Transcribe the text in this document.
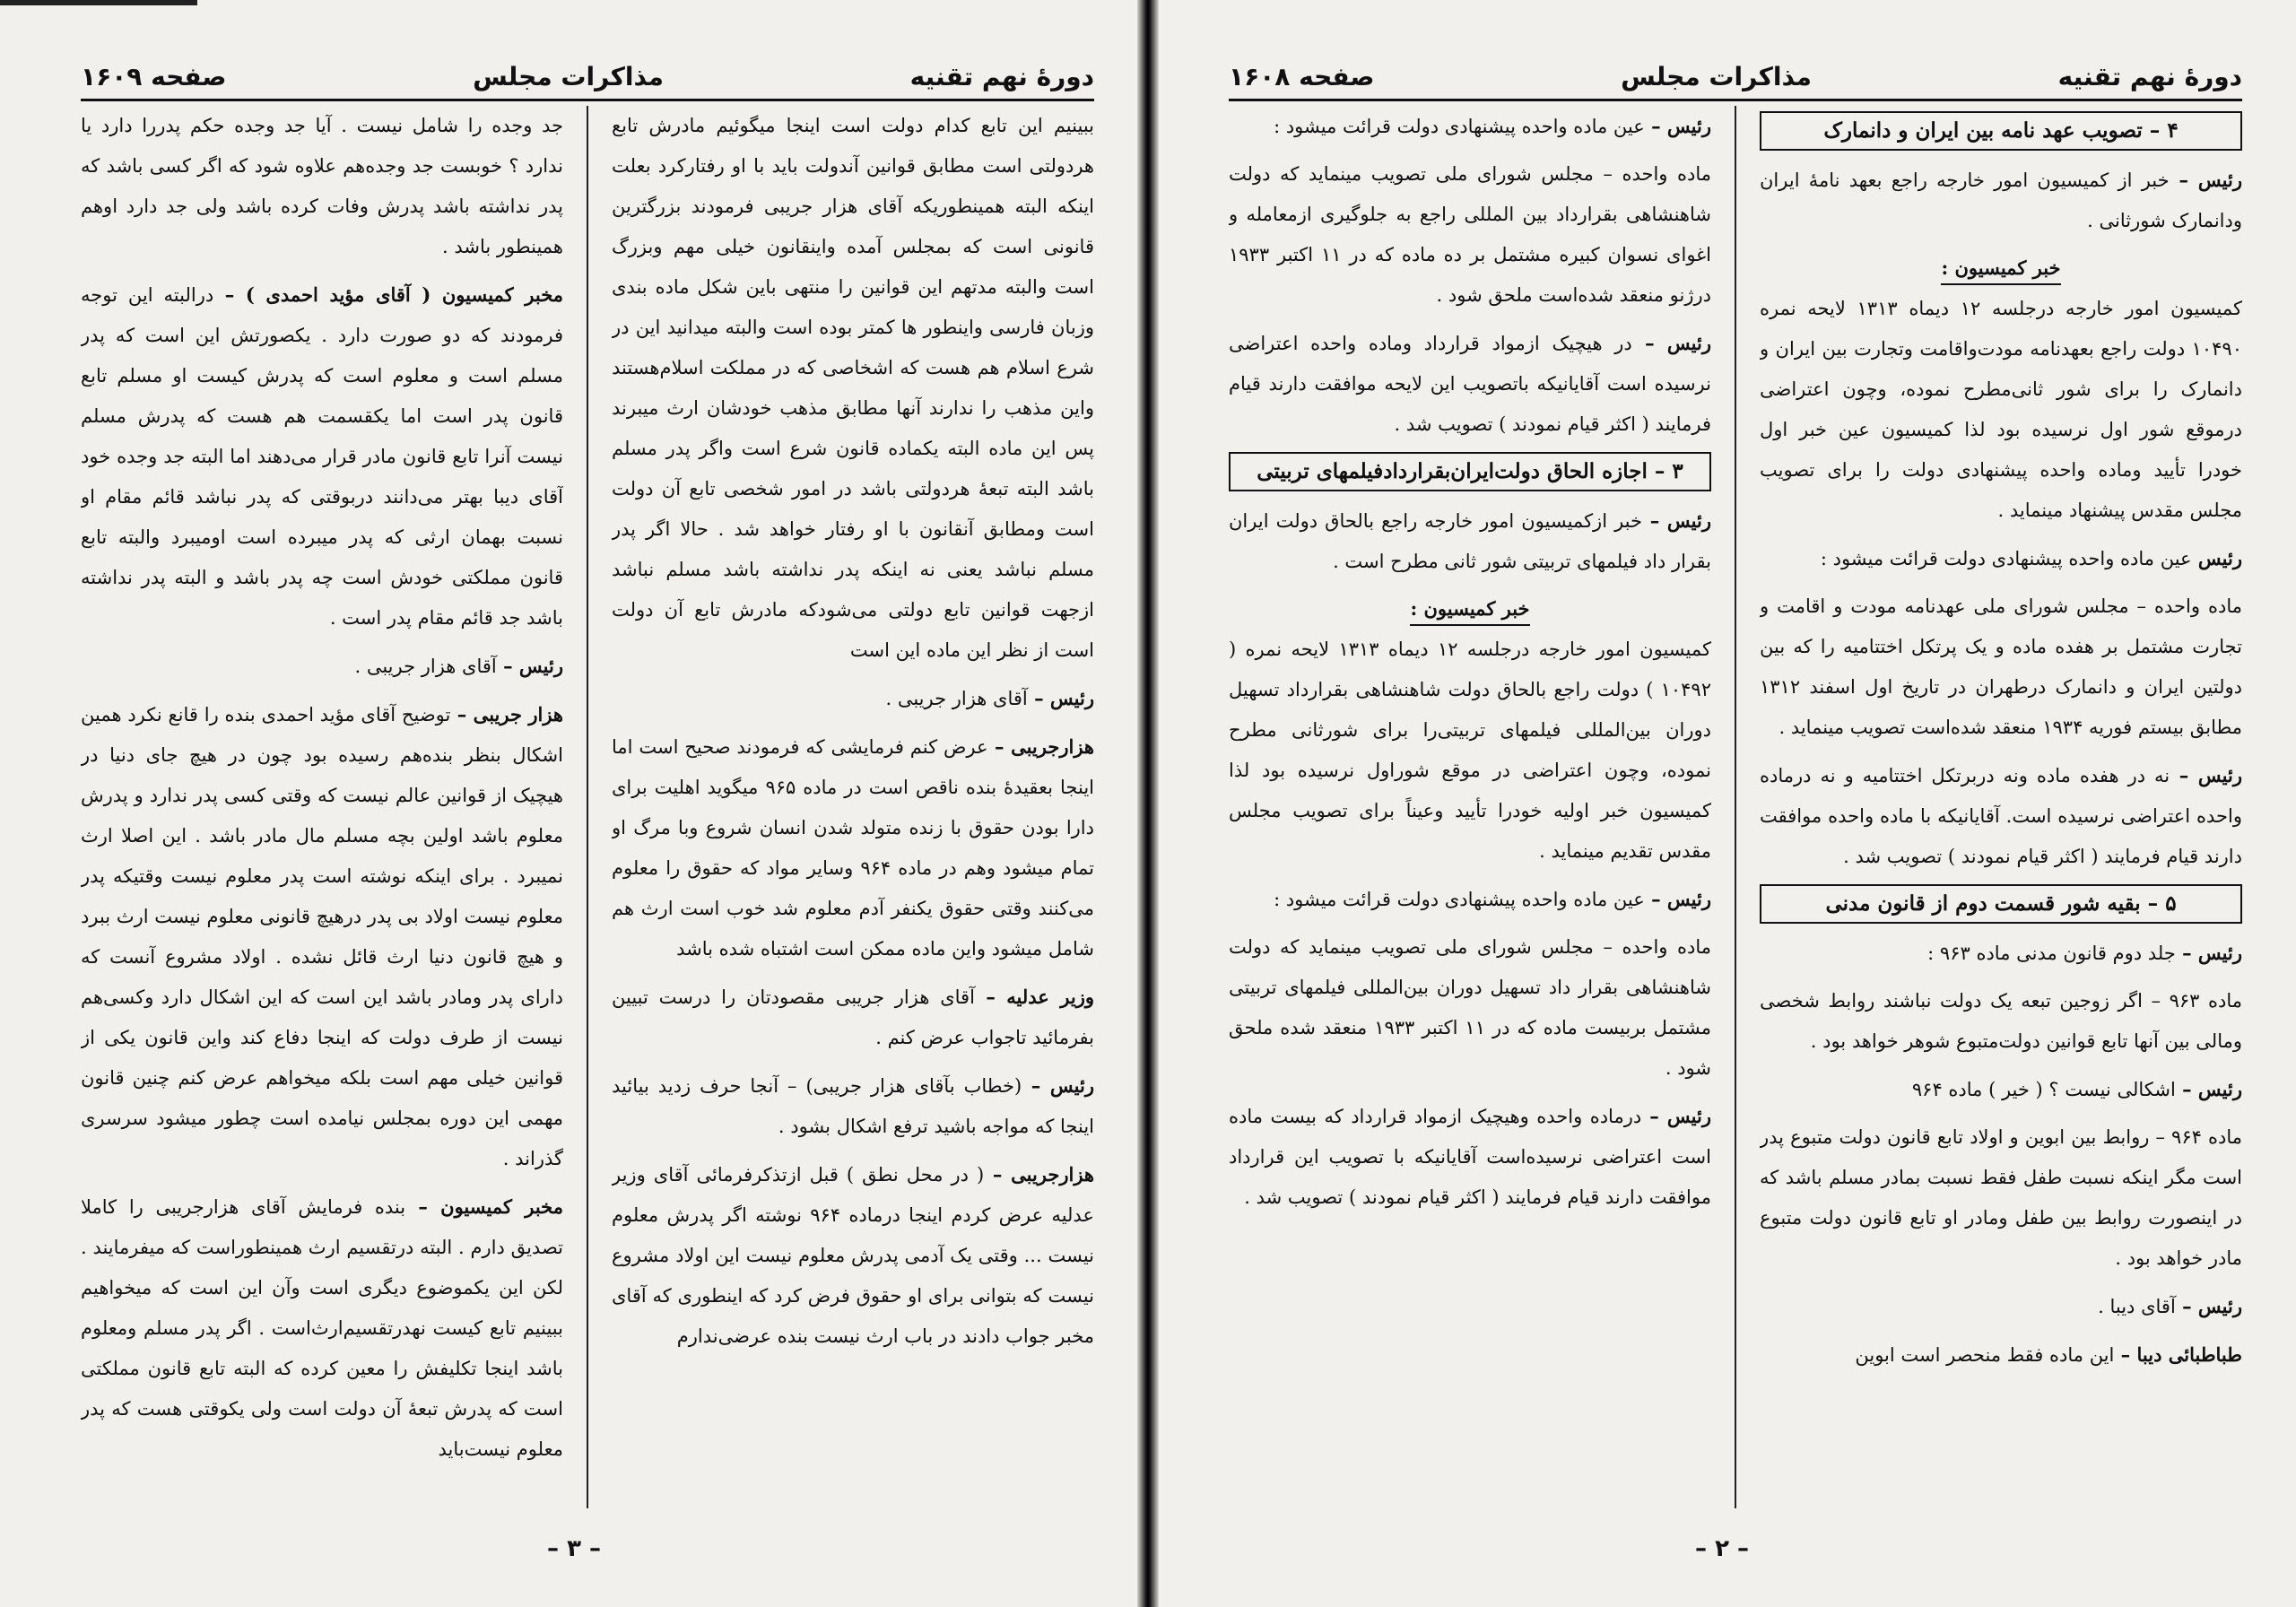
دورهٔ نهم تقنیه
مذاکرات مجلس
صفحه ۱۶۰۹

جد وجده را شامل نیست . آیا جد وجده حکم پدررا دارد یا ندارد ؟ خوبست جد وجده‌هم علاوه شود که اگر کسی باشد که پدر نداشته باشد پدرش وفات کرده باشد ولی جد دارد اوهم همینطور باشد .

مخبر کمیسیون ( آقای مؤید احمدی ) – درالبته این توجه فرمودند که دو صورت دارد . یکصورتش این است که پدر مسلم است و معلوم است که پدرش کیست او مسلم تابع قانون پدر است اما یکقسمت هم هست که پدرش مسلم نیست آنرا تابع قانون مادر قرار می‌دهند اما البته جد وجده خود آقای دیبا بهتر می‌دانند دربوقتی که پدر نباشد قائم مقام او نسبت بهمان ارثی که پدر میبرده است اومیبرد والبته تابع قانون مملکتی خودش است چه پدر باشد و البته پدر نداشته باشد جد قائم مقام پدر است .

رئیس – آقای هزار جریبی .

هزار جریبی – توضیح آقای مؤید احمدی بنده را قانع نکرد همین اشکال بنظر بنده‌هم رسیده بود چون در هیچ جای دنیا در هیچیک از قوانین عالم نیست که وقتی کسی پدر ندارد و پدرش معلوم باشد اولین بچه مسلم مال مادر باشد . این اصلا ارث نمیبرد . برای اینکه نوشته است پدر معلوم نیست وقتیکه پدر معلوم نیست اولاد بی پدر درهیچ قانونی معلوم نیست ارث ببرد و هیچ قانون دنیا ارث قائل نشده . اولاد مشروع آنست که دارای پدر ومادر باشد این است که این اشکال دارد وکسی‌هم نیست از طرف دولت که اینجا دفاع کند واین قانون یکی از قوانین خیلی مهم است بلکه میخواهم عرض کنم چنین قانون مهمی این دوره بمجلس نیامده است چطور میشود سرسری گذراند .

مخبر کمیسیون – بنده فرمایش آقای هزارجریبی را کاملا تصدیق دارم . البته درتقسیم ارث همینطوراست که میفرمایند . لکن این یکموضوع دیگری است وآن این است که میخواهیم ببینیم تابع کیست نهدرتقسیم‌ارث‌است . اگر پدر مسلم ومعلوم باشد اینجا تکلیفش را معین کرده که البته تابع قانون مملکتی است که پدرش تبعهٔ آن دولت است ولی یکوقتی هست که پدر معلوم نیست‌باید

ببینیم این تابع کدام دولت است اینجا میگوئیم مادرش تابع هردولتی است مطابق قوانین آندولت باید با او رفتارکرد بعلت اینکه البته همینطوریکه آقای هزار جریبی فرمودند بزرگترین قانونی است که بمجلس آمده واینقانون خیلی مهم وبزرگ است والبته مدتهم این قوانین را منتهی باین شکل ماده بندی وزبان فارسی واینطور ها کمتر بوده است والبته میدانید این در شرع اسلام هم هست که اشخاصی که در مملکت اسلام‌هستند واین مذهب را ندارند آنها مطابق مذهب خودشان ارث میبرند پس این ماده البته یکماده قانون شرع است واگر پدر مسلم باشد البته تبعهٔ هردولتی باشد در امور شخصی تابع آن دولت است ومطابق آنقانون با او رفتار خواهد شد . حالا اگر پدر مسلم نباشد یعنی نه اینکه پدر نداشته باشد مسلم نباشد ازجهت قوانین تابع دولتی می‌شودکه مادرش تابع آن دولت است از نظر این ماده این است

رئیس – آقای هزار جریبی .

هزارجریبی – عرض کنم فرمایشی که فرمودند صحیح است اما اینجا بعقیدهٔ بنده ناقص است در ماده ۹۶۵ میگوید اهلیت برای دارا بودن حقوق با زنده متولد شدن انسان شروع وبا مرگ او تمام میشود وهم در ماده ۹۶۴ وسایر مواد که حقوق را معلوم می‌کنند وقتی حقوق یکنفر آدم معلوم شد خوب است ارث هم شامل میشود واین ماده ممکن است اشتباه شده باشد

وزیر عدلیه – آقای هزار جریبی مقصودتان را درست تبیین بفرمائید تاجواب عرض کنم .

رئیس – (خطاب بآقای هزار جریبی) – آنجا حرف زدید بیائید اینجا که مواجه باشید ترفع اشکال بشود .

هزارجریبی – ( در محل نطق ) قبل ازتذکرفرمائی آقای وزیر عدلیه عرض کردم اینجا درماده ۹۶۴ نوشته اگر پدرش معلوم نیست ... وقتی یک آدمی پدرش معلوم نیست این اولاد مشروع نیست که بتوانی برای او حقوق فرض کرد که اینطوری که آقای مخبر جواب دادند در باب ارث نیست بنده عرضی‌ندارم

– ۳ –
دورهٔ نهم تقنیه
مذاکرات مجلس
صفحه ۱۶۰۸

رئیس – عین ماده واحده پیشنهادی دولت قرائت میشود :

ماده واحده – مجلس شورای ملی تصویب مینماید که دولت شاهنشاهی بقرارداد بین المللی راجع به جلوگیری ازمعامله و اغوای نسوان کبیره مشتمل بر ده ماده که در ۱۱ اکتبر ۱۹۳۳ درژنو منعقد شده‌است ملحق شود .

رئیس – در هیچیک ازمواد قرارداد وماده واحده اعتراضی نرسیده است آقایانیکه باتصویب این لایحه موافقت دارند قیام فرمایند ( اکثر قیام نمودند ) تصویب شد .

۳ – اجازه الحاق دولت‌ایران‌بقرارداد‌فیلمهای تربیتی

رئیس – خبر ازکمیسیون امور خارجه راجع بالحاق دولت ایران بقرار داد فیلمهای تربیتی شور ثانی مطرح است .

خبر کمیسیون :

کمیسیون امور خارجه درجلسه ۱۲ دیماه ۱۳۱۳ لایحه نمره ( ۱۰۴۹۲ ) دولت راجع بالحاق دولت شاهنشاهی بقرارداد تسهیل دوران بین‌المللی فیلمهای تربیتی‌را برای شورثانی مطرح نموده، وچون اعتراضی در موقع شوراول نرسیده بود لذا کمیسیون خبر اولیه خودرا تأیید وعیناً برای تصویب مجلس مقدس تقدیم مینماید .

رئیس – عین ماده واحده پیشنهادی دولت قرائت میشود :

ماده واحده – مجلس شورای ملی تصویب مینماید که دولت شاهنشاهی بقرار داد تسهیل دوران بین‌المللی فیلمهای تربیتی مشتمل بربیست ماده که در ۱۱ اکتبر ۱۹۳۳ منعقد شده ملحق شود .

رئیس – درماده واحده وهیچیک ازمواد قرارداد که بیست ماده است اعتراضی نرسیده‌است آقایانیکه با تصویب این قرارداد موافقت دارند قیام فرمایند ( اکثر قیام نمودند ) تصویب شد .

۴ – تصویب عهد نامه بین ایران و دانمارک

رئیس – خبر از کمیسیون امور خارجه راجع بعهد نامهٔ ایران ودانمارک شورثانی .

خبر کمیسیون :

کمیسیون امور خارجه درجلسه ۱۲ دیماه ۱۳۱۳ لایحه نمره ۱۰۴۹۰ دولت راجع بعهدنامه مودت‌واقامت وتجارت بین ایران و دانمارک را برای شور ثانی‌مطرح نموده، وچون اعتراضی درموقع شور اول نرسیده بود لذا کمیسیون عین خبر اول خودرا تأیید وماده واحده پیشنهادی دولت را برای تصویب مجلس مقدس پیشنهاد مینماید .

رئیس عین ماده واحده پیشنهادی دولت قرائت میشود :

ماده واحده – مجلس شورای ملی عهدنامه مودت و اقامت و تجارت مشتمل بر هفده ماده و یک پرتکل اختتامیه را که بین دولتین ایران و دانمارک درطهران در تاریخ اول اسفند ۱۳۱۲ مطابق بیستم فوریه ۱۹۳۴ منعقد شده‌است تصویب مینماید .

رئیس – نه در هفده ماده ونه دربرتکل اختتامیه و نه درماده واحده اعتراضی نرسیده است. آقایانیکه با ماده واحده موافقت دارند قیام فرمایند ( اکثر قیام نمودند ) تصویب شد .

۵ – بقیه شور قسمت دوم از قانون مدنی

رئیس – جلد دوم قانون مدنی ماده ۹۶۳ :

ماده ۹۶۳ – اگر زوجین تبعه یک دولت نباشند روابط شخصی ومالی بین آنها تابع قوانین دولت‌متبوع شوهر خواهد بود .

رئیس – اشکالی نیست ؟ ( خیر ) ماده ۹۶۴

ماده ۹۶۴ – روابط بین ابوین و اولاد تابع قانون دولت متبوع پدر است مگر اینکه نسبت طفل فقط نسبت بمادر مسلم باشد که در اینصورت روابط بین طفل ومادر او تابع قانون دولت متبوع مادر خواهد بود .

رئیس – آقای دیبا .

طباطبائی دیبا – این ماده فقط منحصر است ابوین

– ۲ –
